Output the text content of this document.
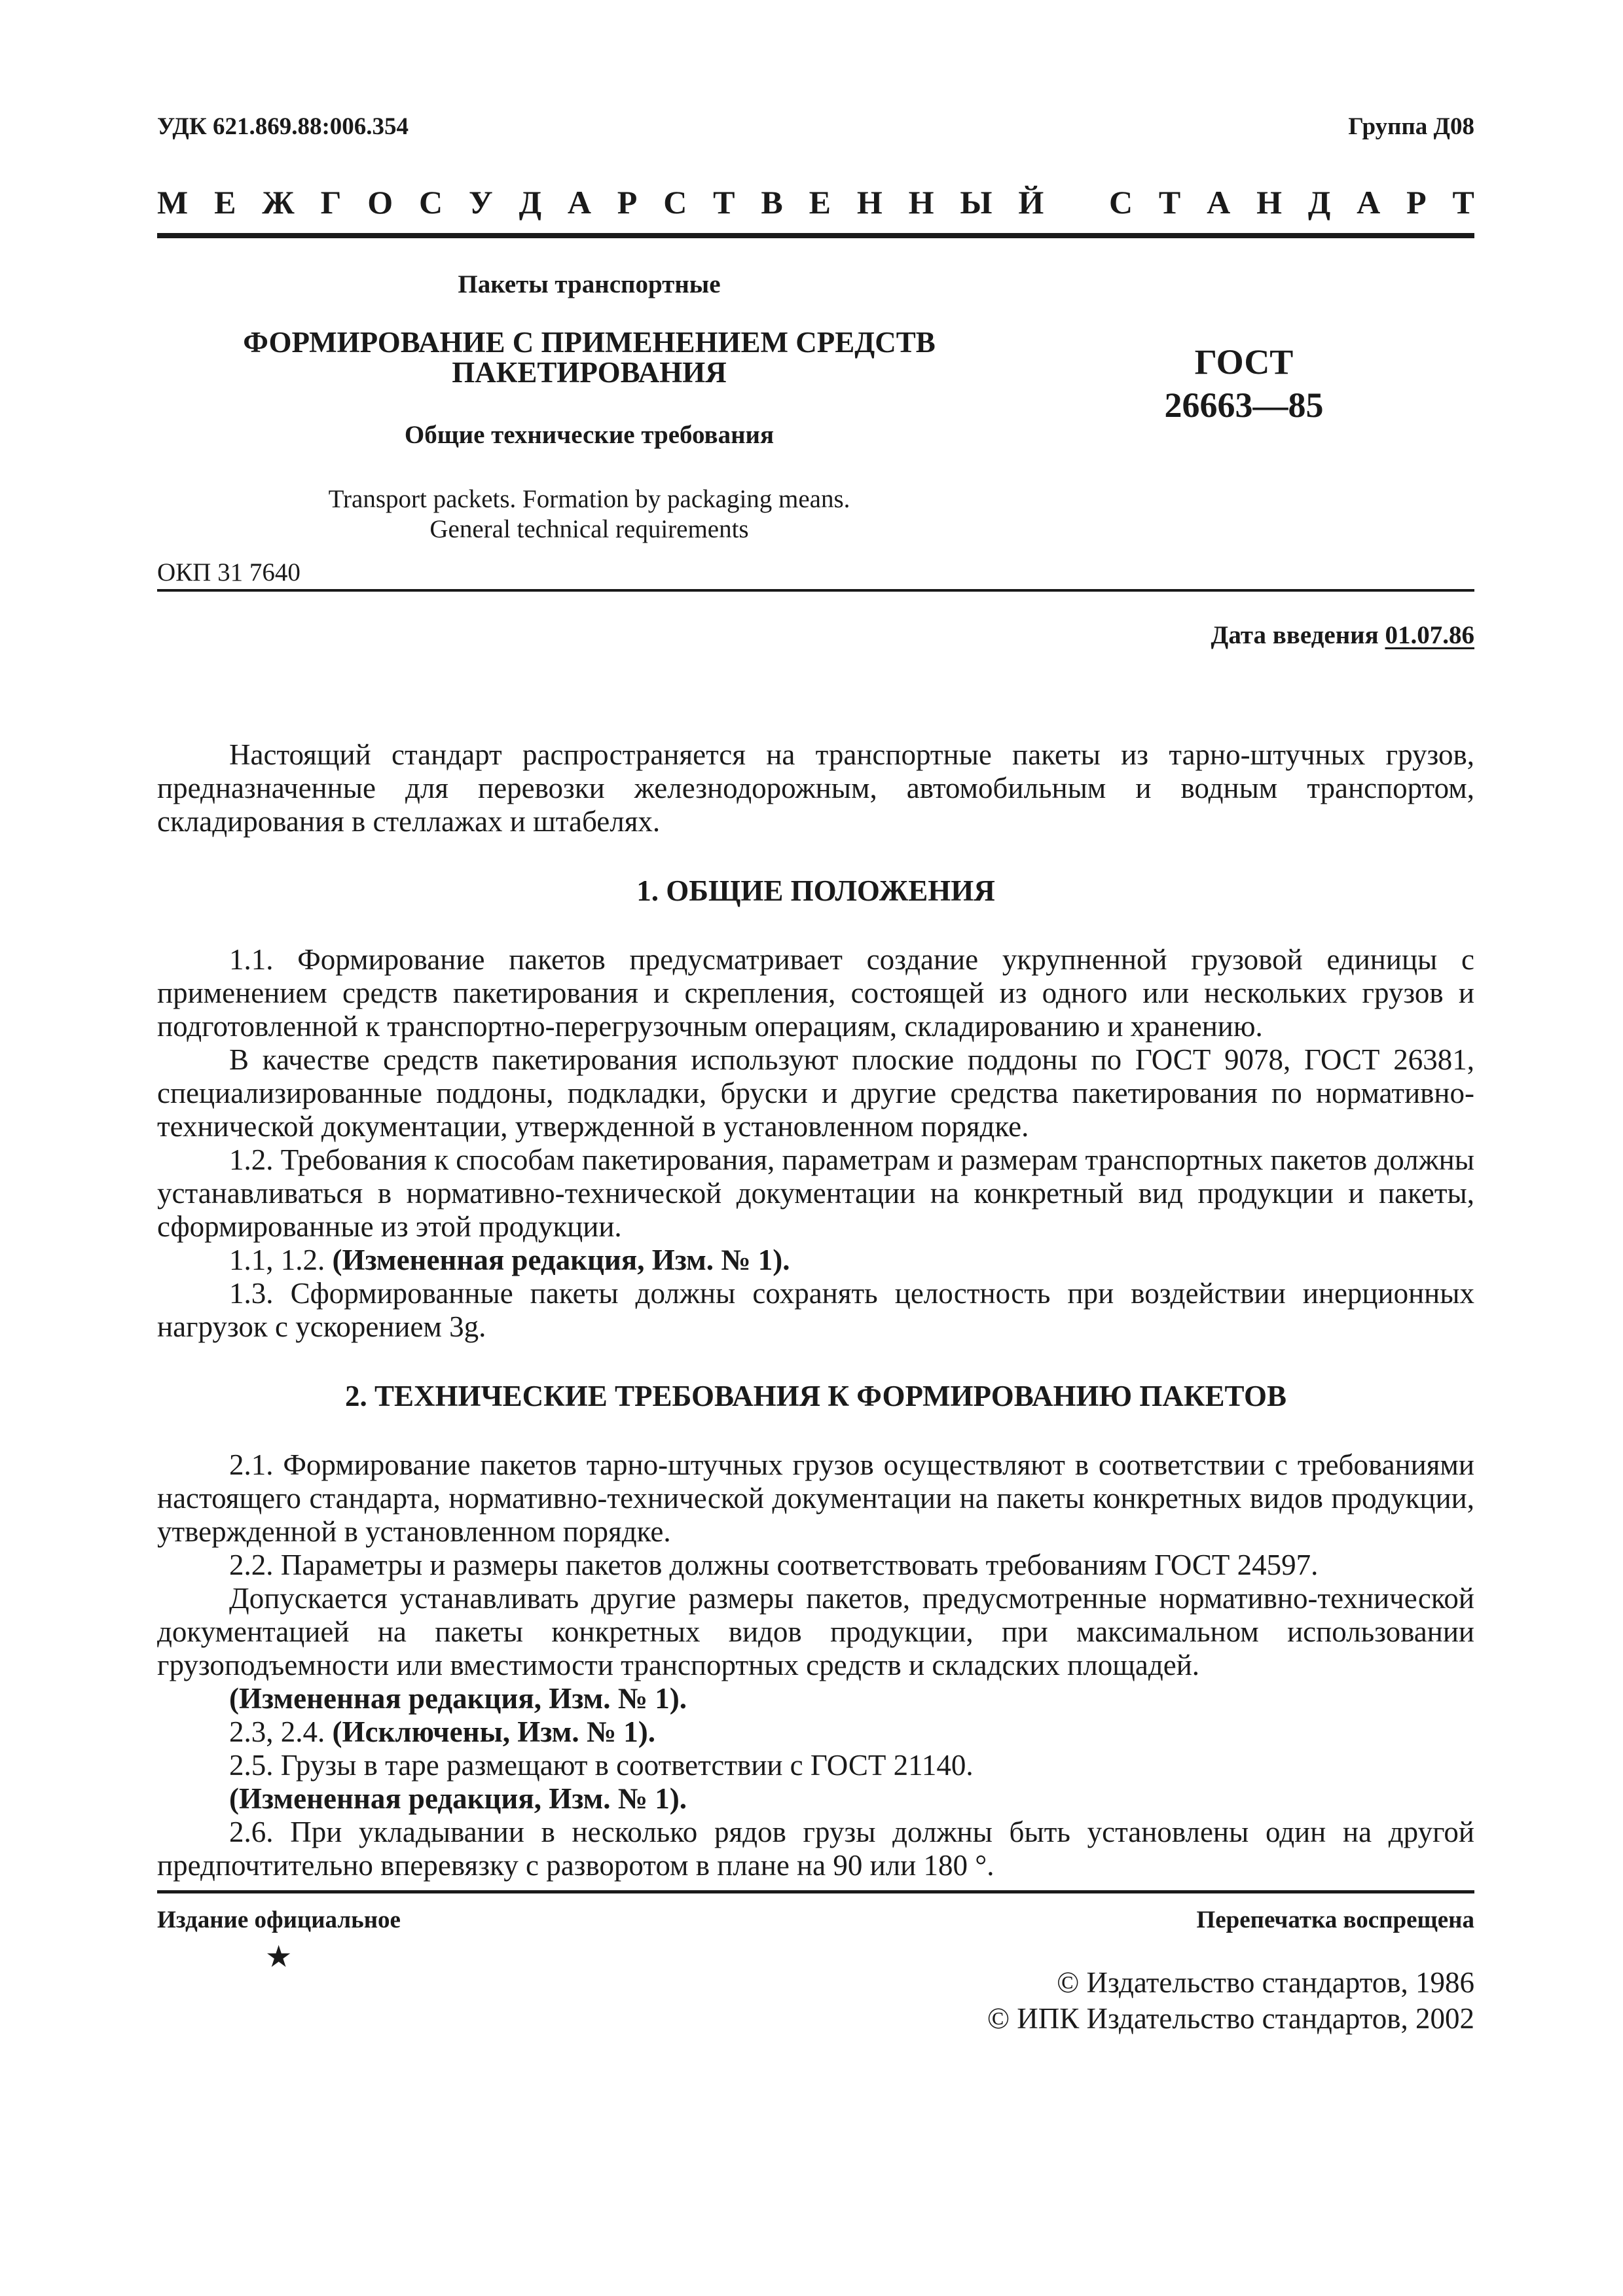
УДК 621.869.88:006.354	Группа Д08
М Е Ж Г О С У Д А Р С Т В Е Н Н Ы Й С Т А Н Д А Р Т
Пакеты транспортные
ФОРМИРОВАНИЕ С ПРИМЕНЕНИЕМ СРЕДСТВ
ПАКЕТИРОВАНИЯ
Общие технические требования
Transport packets. Formation by packaging means.
General technical requirements
ГОСТ
26663—85
ОКП 31 7640
Дата введения 01.07.86

Настоящий стандарт распространяется на транспортные пакеты из тарно-штучных грузов, предназначенные для перевозки железнодорожным, автомобильным и водным транспортом, складирования в стеллажах и штабелях.

1. ОБЩИЕ ПОЛОЖЕНИЯ

1.1. Формирование пакетов предусматривает создание укрупненной грузовой единицы с применением средств пакетирования и скрепления, состоящей из одного или нескольких грузов и подготовленной к транспортно-перегрузочным операциям, складированию и хранению.

В качестве средств пакетирования используют плоские поддоны по ГОСТ 9078, ГОСТ 26381, специализированные поддоны, подкладки, бруски и другие средства пакетирования по нормативно-технической документации, утвержденной в установленном порядке.

1.2. Требования к способам пакетирования, параметрам и размерам транспортных пакетов должны устанавливаться в нормативно-технической документации на конкретный вид продукции и пакеты, сформированные из этой продукции.

1.1, 1.2. (Измененная редакция, Изм. № 1).

1.3. Сформированные пакеты должны сохранять целостность при воздействии инерционных нагрузок с ускорением 3g.

2. ТЕХНИЧЕСКИЕ ТРЕБОВАНИЯ К ФОРМИРОВАНИЮ ПАКЕТОВ

2.1. Формирование пакетов тарно-штучных грузов осуществляют в соответствии с требованиями настоящего стандарта, нормативно-технической документации на пакеты конкретных видов продукции, утвержденной в установленном порядке.

2.2. Параметры и размеры пакетов должны соответствовать требованиям ГОСТ 24597.

Допускается устанавливать другие размеры пакетов, предусмотренные нормативно-технической документацией на пакеты конкретных видов продукции, при максимальном использовании грузоподъемности или вместимости транспортных средств и складских площадей.

(Измененная редакция, Изм. № 1).

2.3, 2.4. (Исключены, Изм. № 1).

2.5. Грузы в таре размещают в соответствии с ГОСТ 21140.

(Измененная редакция, Изм. № 1).

2.6. При укладывании в несколько рядов грузы должны быть установлены один на другой предпочтительно вперевязку с разворотом в плане на 90 или 180 °.

Издание официальное	Перепечатка воспрещена
★
© Издательство стандартов, 1986
© ИПК Издательство стандартов, 2002
